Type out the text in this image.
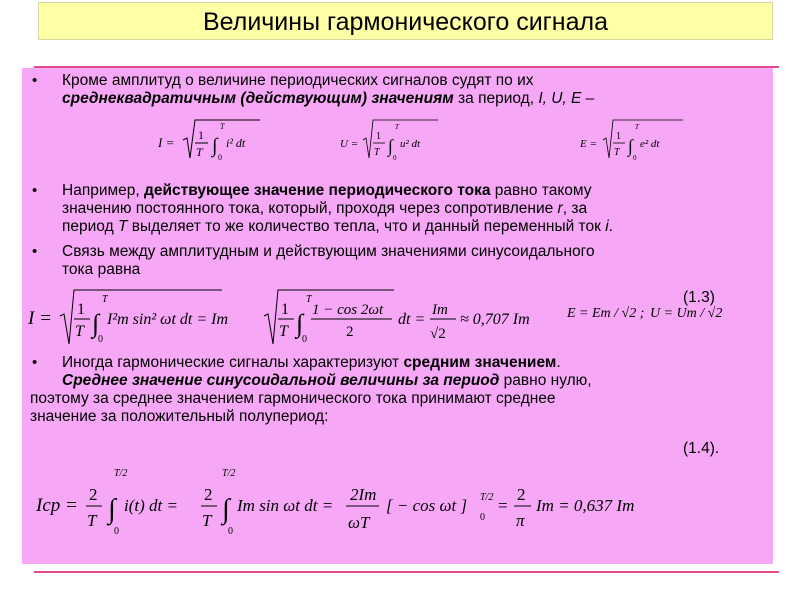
Величины гармонического сигнала
• Кроме амплитуд о величине периодических сигналов судят по их
среднеквадратичным (действующим) значениям за период, I, U, E –
I = 1
T ∫
T
0
i² dt	U =
1
T ∫
T
0
u² dt	E =
1
T ∫
T
0
e² dt
• Например, действующее значение периодического тока равно такому
значению постоянного тока, который, проходя через сопротивление r, за
период T выделяет то же количество тепла, что и данный переменный ток i.
• Связь между амплитудным и действующим значениями синусоидального
тока равна
I = 1
T ∫
T
0
I²m sin² ωt dt = Im
1
T ∫
T
0
1 − cos 2ωt
2
dt =
Im
√2
≈ 0,707 Im	E = Em / √2 ; U = Um / √2
(1.3)
• Иногда гармонические сигналы характеризуют средним значением.
Среднее значение синусоидальной величины за период равно нулю,
поэтому за среднее значением гармонического тока принимают среднее
значение за положительный полупериод:
(1.4).
Iср =
2
T ∫
T/2
0
i(t) dt =
2
T ∫
T/2
0
Im sin ωt dt =
2Im
ωT
[ − cos ωt ] T/2
0
=
2
π
Im = 0,637 Im
